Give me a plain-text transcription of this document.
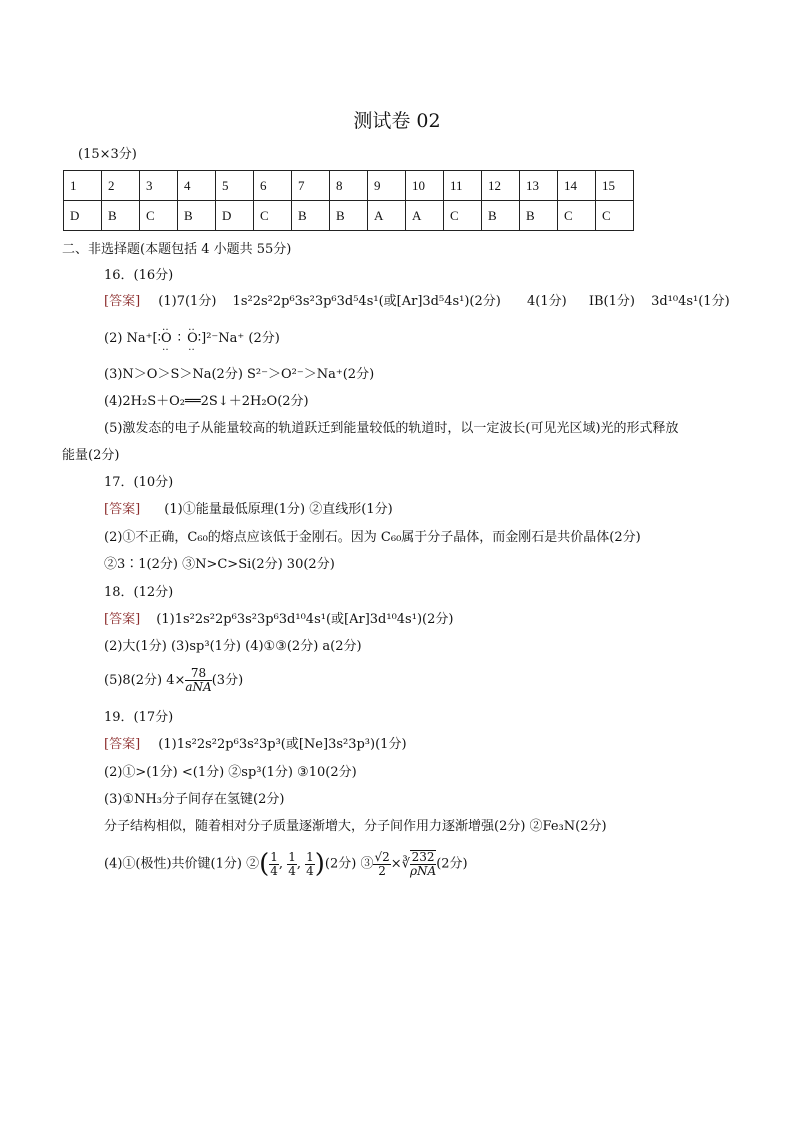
测试卷 02
(15×3分)
1	2	3	4	5	6	7	8	9	10	11	12	13	14	15
D	B	C	B	D	C	B	B	A	A	C	B	B	C	C
二、非选择题(本题包括 4 小题共 55分)
16．(16分)
[答案] (1)7(1分) 1s²2s²2p⁶3s²3p⁶3d⁵4s¹(或[Ar]3d⁵4s¹)(2分) 4(1分) ⅠB(1分) 3d¹⁰4s¹(1分)
(2) Na⁺[∶‥ O ‥ ∶ ‥ O ‥∶]²⁻Na⁺ (2分)
(3)N＞O＞S＞Na(2分) S²⁻＞O²⁻＞Na⁺(2分)
(4)2H₂S＋O₂══2S↓＋2H₂O(2分)
(5)激发态的电子从能量较高的轨道跃迁到能量较低的轨道时，以一定波长(可见光区域)光的形式释放
能量(2分)
17．(10分)
[答案] (1)①能量最低原理(1分) ②直线形(1分)
(2)①不正确，C₆₀的熔点应该低于金刚石。因为 C₆₀属于分子晶体，而金刚石是共价晶体(2分)
②3∶1(2分) ③N>C>Si(2分) 30(2分)
18．(12分)
[答案] (1)1s²2s²2p⁶3s²3p⁶3d¹⁰4s¹(或[Ar]3d¹⁰4s¹)(2分)
(2)大(1分) (3)sp³(1分) (4)①③(2分) a(2分)
(5)8(2分) $4\times \frac{78}{\text{aNA}} (3$分)
19．(17分)
[答案] (1)1s²2s²2p⁶3s²3p³(或[Ne]3s²3p³)(1分)
(2)①>(1分) <(1分) ②sp³(1分) ③10(2分)
(3)①NH₃分子间存在氢键(2分)
分子结构相似，随着相对分子质量逐渐增大，分子间作用力逐渐增强(2分) ②Fe₃N(2分)
(4)①(极性)共价键(1分) ②( $\frac{1}{4}$ , $\frac{1}{4}$ , $\frac{1}{4} )(2$分) ③ $\frac{√2}{2}$ ×∛ $\frac{232}{\text{ρNA}} (2$分)
